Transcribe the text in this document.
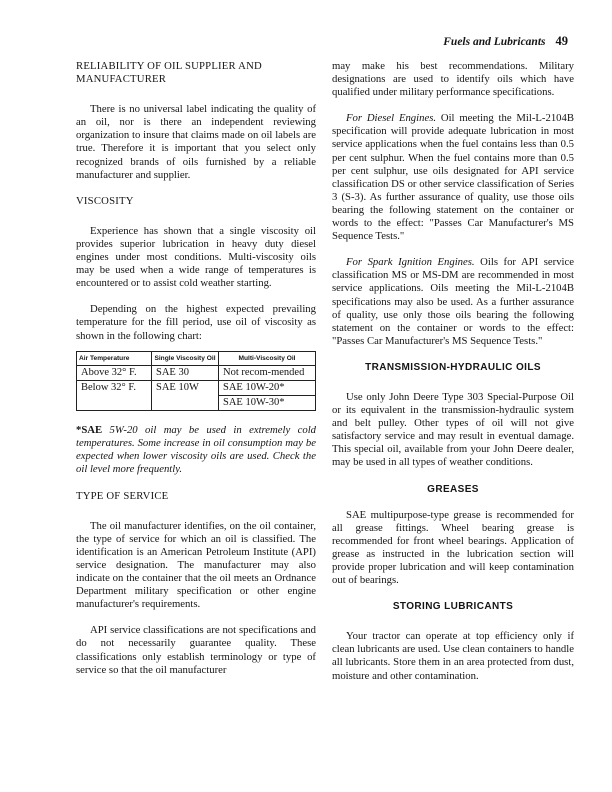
Fuels and Lubricants 49
RELIABILITY OF OIL SUPPLIER AND MANUFACTURER

There is no universal label indicating the quality of an oil, nor is there an independent reviewing organization to insure that claims made on oil labels are true. Therefore it is important that you select only recognized brands of oils furnished by a reliable manufacturer and supplier.

VISCOSITY

Experience has shown that a single viscosity oil provides superior lubrication in heavy duty diesel engines under most conditions. Multi-viscosity oils may be used when a wide range of temperatures is encountered or to assist cold weather starting.

Depending on the highest expected prevailing temperature for the fill period, use oil of viscosity as shown in the following chart:

Air Temperature	Single Viscosity Oil	Multi-Viscosity Oil
Above 32° F.	SAE 30	Not recom-mended
Below 32° F.	SAE 10W	SAE 10W-20*
		SAE 10W-30*

*SAE 5W-20 oil may be used in extremely cold temperatures. Some increase in oil consumption may be expected when lower viscosity oils are used. Check the oil level more frequently.

TYPE OF SERVICE

The oil manufacturer identifies, on the oil container, the type of service for which an oil is classified. The identification is an American Petroleum Institute (API) service designation. The manufacturer may also indicate on the container that the oil meets an Ordnance Department military specification or other engine manufacturer's requirements.

API service classifications are not specifications and do not necessarily guarantee quality. These classifications only establish terminology or type of service so that the oil manufacturer

may make his best recommendations. Military designations are used to identify oils which have qualified under military performance specifications.

For Diesel Engines. Oil meeting the Mil-L-2104B specification will provide adequate lubrication in most service applications when the fuel contains less than 0.5 per cent sulphur. When the fuel contains more than 0.5 per cent sulphur, use oils designated for API service classification DS or other service classification of Series 3 (S-3). As further assurance of quality, use those oils bearing the following statement on the container or words to the effect: "Passes Car Manufacturer's MS Sequence Tests."

For Spark Ignition Engines. Oils for API service classification MS or MS-DM are recommended in most service applications. Oils meeting the Mil-L-2104B specifications may also be used. As a further assurance of quality, use only those oils bearing the following statement on the container or words to the effect: "Passes Car Manufacturer's MS Sequence Tests."

TRANSMISSION-HYDRAULIC OILS

Use only John Deere Type 303 Special-Purpose Oil or its equivalent in the transmission-hydraulic system and belt pulley. Other types of oil will not give satisfactory service and may result in eventual damage. This special oil, available from your John Deere dealer, may be used in all types of weather conditions.

GREASES

SAE multipurpose-type grease is recommended for all grease fittings. Wheel bearing grease is recommended for front wheel bearings. Application of grease as instructed in the lubrication section will provide proper lubrication and will keep contamination out of bearings.

STORING LUBRICANTS

Your tractor can operate at top efficiency only if clean lubricants are used. Use clean containers to handle all lubricants. Store them in an area protected from dust, moisture and other contamination.
